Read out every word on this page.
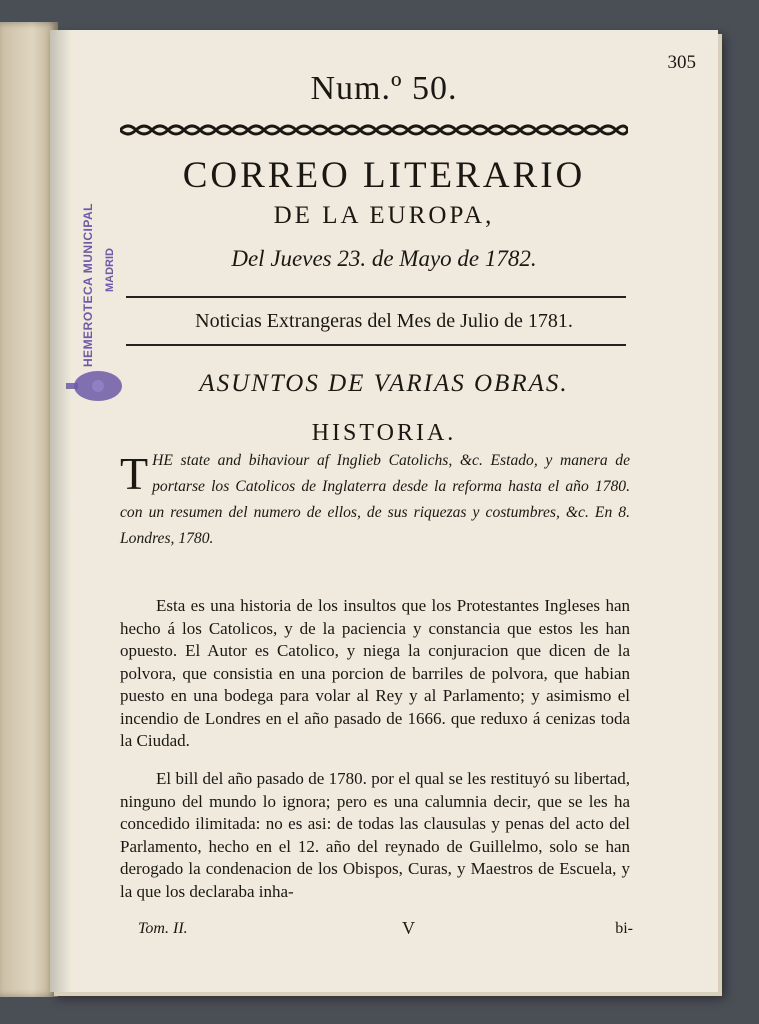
305
Num.º 50.
CORREO LITERARIO
DE LA EUROPA,
Del Jueves 23. de Mayo de 1782.
Noticias Extrangeras del Mes de Julio de 1781.
ASUNTOS DE VARIAS OBRAS.
HISTORIA.
THE state and bihaviour af Inglieb Catolichs, &c. Estado, y manera de portarse los Catolicos de Inglaterra desde la reforma hasta el año 1780. con un resumen del numero de ellos, de sus riquezas y costumbres, &c. En 8. Londres, 1780.

Esta es una historia de los insultos que los Protestantes Ingleses han hecho á los Catolicos, y de la paciencia y constancia que estos les han opuesto. El Autor es Catolico, y niega la conjuracion que dicen de la polvora, que consistia en una porcion de barriles de polvora, que habian puesto en una bodega para volar al Rey y al Parlamento; y asimismo el incendio de Londres en el año pasado de 1666. que reduxo á cenizas toda la Ciudad.

El bill del año pasado de 1780. por el qual se les restituyó su libertad, ninguno del mundo lo ignora; pero es una calumnia decir, que se les ha concedido ilimitada: no es asi: de todas las clausulas y penas del acto del Parlamento, hecho en el 12. año del reynado de Guillelmo, solo se han derogado la condenacion de los Obispos, Curas, y Maestros de Escuela, y la que los declaraba inha-

Tom. II.	V	bi-
HEMEROTECA MUNICIPAL MADRID
